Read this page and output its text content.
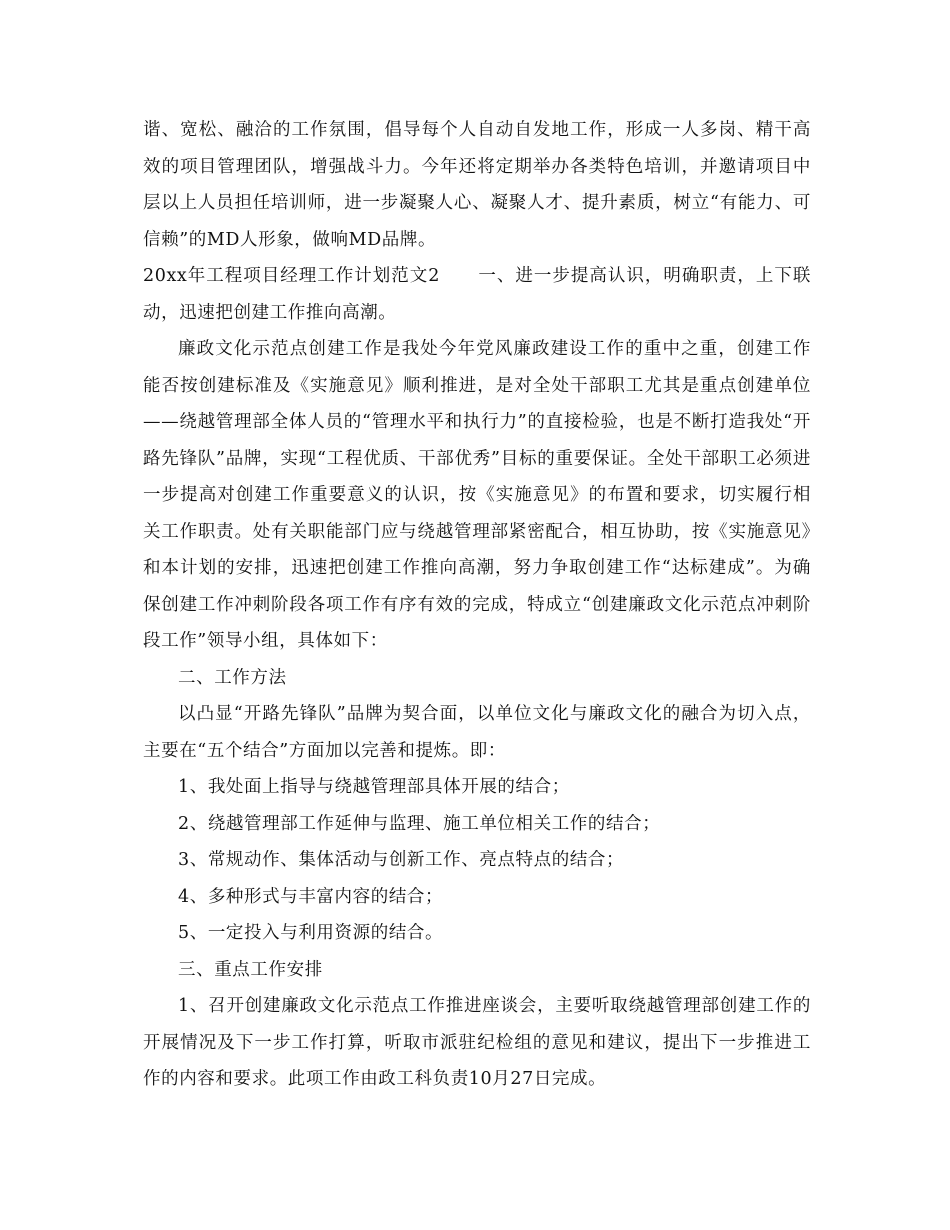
谐、宽松、融洽的工作氛围，倡导每个人自动自发地工作，形成一人多岗、精干高效的项目管理团队，增强战斗力。今年还将定期举办各类特色培训，并邀请项目中层以上人员担任培训师，进一步凝聚人心、凝聚人才、提升素质，树立“有能力、可信赖”的MD人形象，做响MD品牌。

20xx年工程项目经理工作计划范文2 一、进一步提高认识，明确职责，上下联动，迅速把创建工作推向高潮。

廉政文化示范点创建工作是我处今年党风廉政建设工作的重中之重，创建工作能否按创建标准及《实施意见》顺利推进，是对全处干部职工尤其是重点创建单位——绕越管理部全体人员的“管理水平和执行力”的直接检验，也是不断打造我处“开路先锋队”品牌，实现“工程优质、干部优秀”目标的重要保证。全处干部职工必须进一步提高对创建工作重要意义的认识，按《实施意见》的布置和要求，切实履行相关工作职责。处有关职能部门应与绕越管理部紧密配合，相互协助，按《实施意见》和本计划的安排，迅速把创建工作推向高潮，努力争取创建工作“达标建成”。为确保创建工作冲刺阶段各项工作有序有效的完成，特成立“创建廉政文化示范点冲刺阶段工作”领导小组，具体如下：

二、工作方法

以凸显“开路先锋队”品牌为契合面，以单位文化与廉政文化的融合为切入点，主要在“五个结合”方面加以完善和提炼。即：

1、我处面上指导与绕越管理部具体开展的结合；

2、绕越管理部工作延伸与监理、施工单位相关工作的结合；

3、常规动作、集体活动与创新工作、亮点特点的结合；

4、多种形式与丰富内容的结合；

5、一定投入与利用资源的结合。

三、重点工作安排

1、召开创建廉政文化示范点工作推进座谈会，主要听取绕越管理部创建工作的开展情况及下一步工作打算，听取市派驻纪检组的意见和建议，提出下一步推进工作的内容和要求。此项工作由政工科负责10月27日完成。
